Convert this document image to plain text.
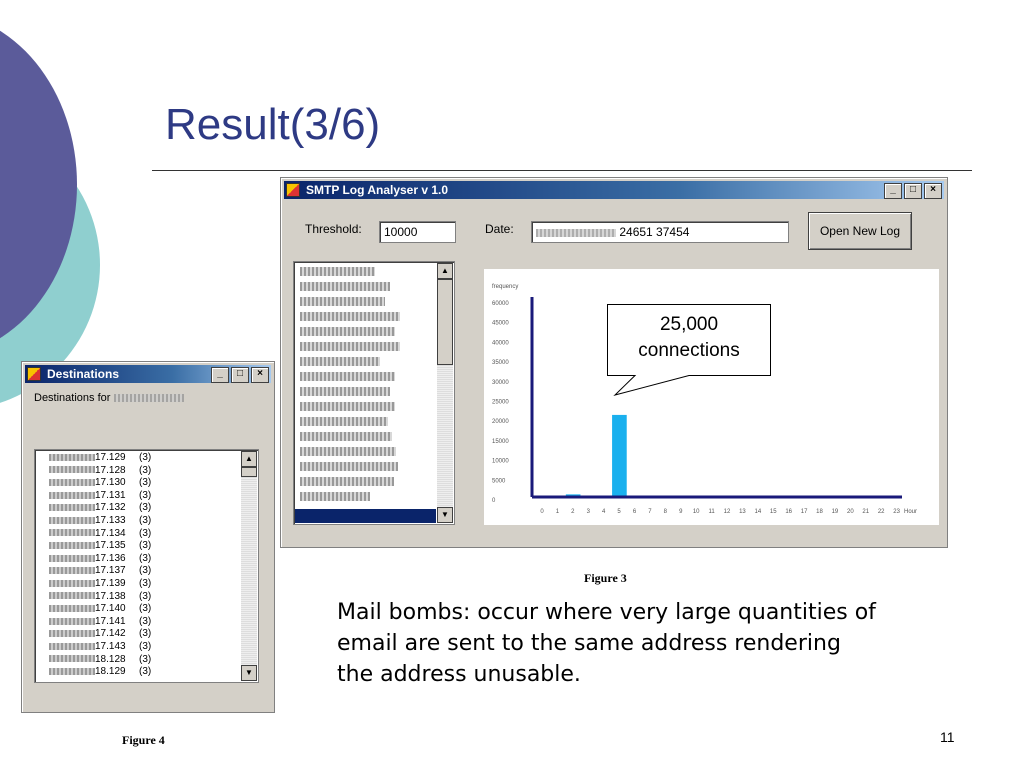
Result(3/6)
SMTP Log Analyser v 1.0	_	□	×
Threshold:	10000	Date:	24651 37454	Open New Log
▲
▼
60000
45000
40000
35000
30000
25000
20000
15000
10000
5000
0
frequency
0 1 2 3 4 5 6 7 8 9 10 11 12 13 14 15 16 17 18 19 20 21 22 23 Hour
25,000
connections
Destinations	_	□	×
Destinations for
17.129 (3)
17.128 (3)
17.130 (3)
17.131 (3)
17.132 (3)
17.133 (3)
17.134 (3)
17.135 (3)
17.136 (3)
17.137 (3)
17.139 (3)
17.138 (3)
17.140 (3)
17.141 (3)
17.142 (3)
17.143 (3)
18.128 (3)
18.129 (3)
▲
▼
Figure 3
Figure 4
Mail bombs: occur where very large quantities of email are sent to the same address rendering the address unusable.
11
